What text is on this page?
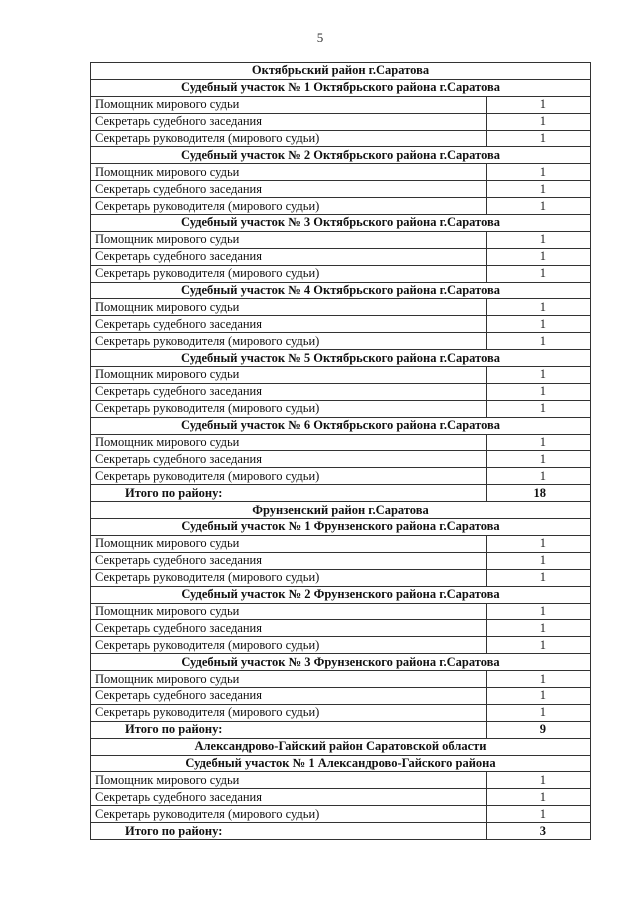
5
Октябрьский район г.Саратова	
Судебный участок № 1 Октябрьского района г.Саратова	
Помощник мирового судьи	1
Секретарь судебного заседания	1
Секретарь руководителя (мирового судьи)	1
Судебный участок № 2 Октябрьского района г.Саратова	
Помощник мирового судьи	1
Секретарь судебного заседания	1
Секретарь руководителя (мирового судьи)	1
Судебный участок № 3 Октябрьского района г.Саратова	
Помощник мирового судьи	1
Секретарь судебного заседания	1
Секретарь руководителя (мирового судьи)	1
Судебный участок № 4 Октябрьского района г.Саратова	
Помощник мирового судьи	1
Секретарь судебного заседания	1
Секретарь руководителя (мирового судьи)	1
Судебный участок № 5 Октябрьского района г.Саратова	
Помощник мирового судьи	1
Секретарь судебного заседания	1
Секретарь руководителя (мирового судьи)	1
Судебный участок № 6 Октябрьского района г.Саратова	
Помощник мирового судьи	1
Секретарь судебного заседания	1
Секретарь руководителя (мирового судьи)	1
Итого по району:	18
Фрунзенский район г.Саратова	
Судебный участок № 1 Фрунзенского района г.Саратова	
Помощник мирового судьи	1
Секретарь судебного заседания	1
Секретарь руководителя (мирового судьи)	1
Судебный участок № 2 Фрунзенского района г.Саратова	
Помощник мирового судьи	1
Секретарь судебного заседания	1
Секретарь руководителя (мирового судьи)	1
Судебный участок № 3 Фрунзенского района г.Саратова	
Помощник мирового судьи	1
Секретарь судебного заседания	1
Секретарь руководителя (мирового судьи)	1
Итого по району:	9
Александрово-Гайский район Саратовской области	
Судебный участок № 1 Александрово-Гайского района	
Помощник мирового судьи	1
Секретарь судебного заседания	1
Секретарь руководителя (мирового судьи)	1
Итого по району:	3
